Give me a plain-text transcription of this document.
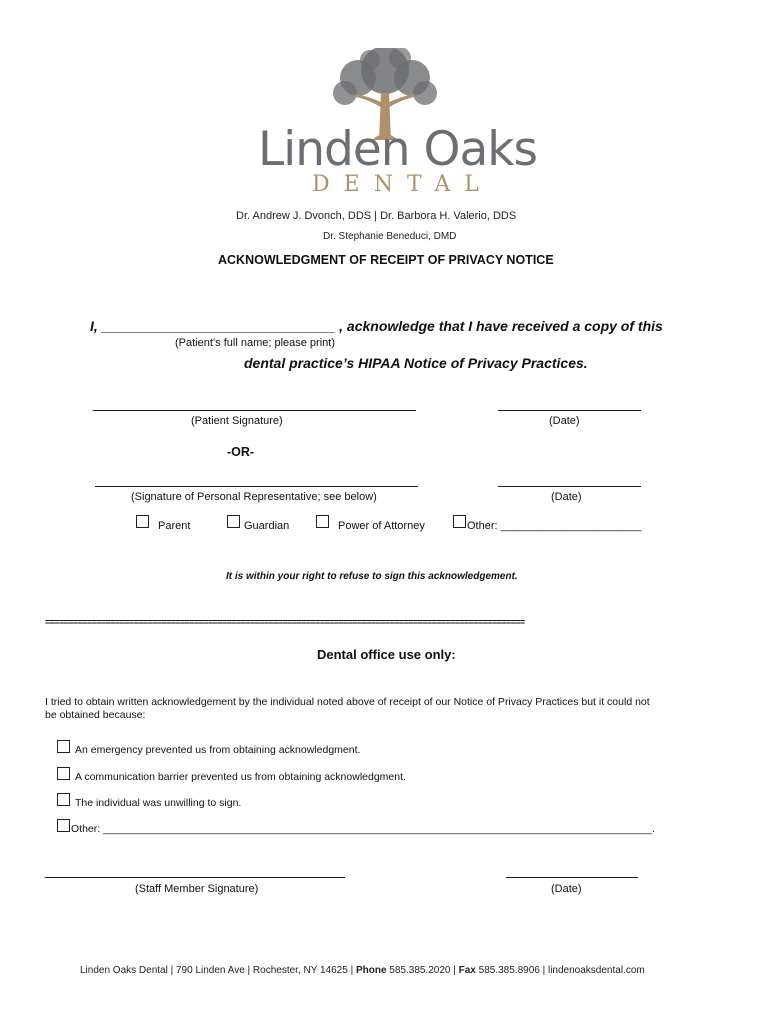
Linden Oaks
DENTAL
Dr. Andrew J. Dvonch, DDS | Dr. Barbora H. Valerio, DDS
Dr. Stephanie Beneduci, DMD
ACKNOWLEDGMENT OF RECEIPT OF PRIVACY NOTICE
I, ______________________________ , acknowledge that I have received a copy of this
(Patient’s full name; please print)
dental practice’s HIPAA Notice of Privacy Practices.
(Patient Signature)	(Date)
-OR-
(Signature of Personal Representative; see below)	(Date)
Parent	Guardian	Power of Attorney	Other: _______________________
It is within your right to refuse to sign this acknowledgement.
=======================================================================================================
Dental office use only:
I tried to obtain written acknowledgement by the individual noted above of receipt of our Notice of Privacy Practices but it could not
be obtained because:
An emergency prevented us from obtaining acknowledgment.
A communication barrier prevented us from obtaining acknowledgment.
The individual was unwilling to sign.
Other: ______________________________________________________________________________________________.
(Staff Member Signature)	(Date)
Linden Oaks Dental | 790 Linden Ave | Rochester, NY 14625 | Phone 585.385.2020 | Fax 585.385.8906 | lindenoaksdental.com
